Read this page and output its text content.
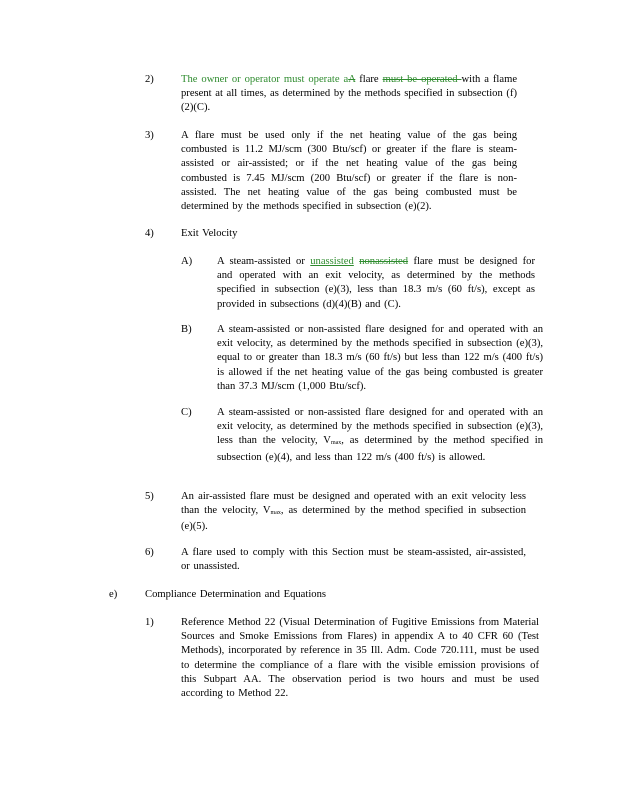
2)	The owner or operator must operate aA flare must be operated with a flame present at all times, as determined by the methods specified in subsection (f)(2)(C).
3)	A flare must be used only if the net heating value of the gas being combusted is 11.2 MJ/scm (300 Btu/scf) or greater if the flare is steam-assisted or air-assisted; or if the net heating value of the gas being combusted is 7.45 MJ/scm (200 Btu/scf) or greater if the flare is non-assisted. The net heating value of the gas being combusted must be determined by the methods specified in subsection (e)(2).
4)	Exit Velocity
A) A steam-assisted or unassisted nonassisted flare must be designed for and operated with an exit velocity, as determined by the methods specified in subsection (e)(3), less than 18.3 m/s (60 ft/s), except as provided in subsections (d)(4)(B) and (C).
B) A steam-assisted or non-assisted flare designed for and operated with an exit velocity, as determined by the methods specified in subsection (e)(3), equal to or greater than 18.3 m/s (60 ft/s) but less than 122 m/s (400 ft/s) is allowed if the net heating value of the gas being combusted is greater than 37.3 MJ/scm (1,000 Btu/scf).
C) A steam-assisted or non-assisted flare designed for and operated with an exit velocity, as determined by the methods specified in subsection (e)(3), less than the velocity, Vmax, as determined by the method specified in subsection (e)(4), and less than 122 m/s (400 ft/s) is allowed.
5)	An air-assisted flare must be designed and operated with an exit velocity less than the velocity, Vmax, as determined by the method specified in subsection (e)(5).
6)	A flare used to comply with this Section must be steam-assisted, air-assisted, or unassisted.
e)	Compliance Determination and Equations
1)	Reference Method 22 (Visual Determination of Fugitive Emissions from Material Sources and Smoke Emissions from Flares) in appendix A to 40 CFR 60 (Test Methods), incorporated by reference in 35 Ill. Adm. Code 720.111, must be used to determine the compliance of a flare with the visible emission provisions of this Subpart AA. The observation period is two hours and must be used according to Method 22.
